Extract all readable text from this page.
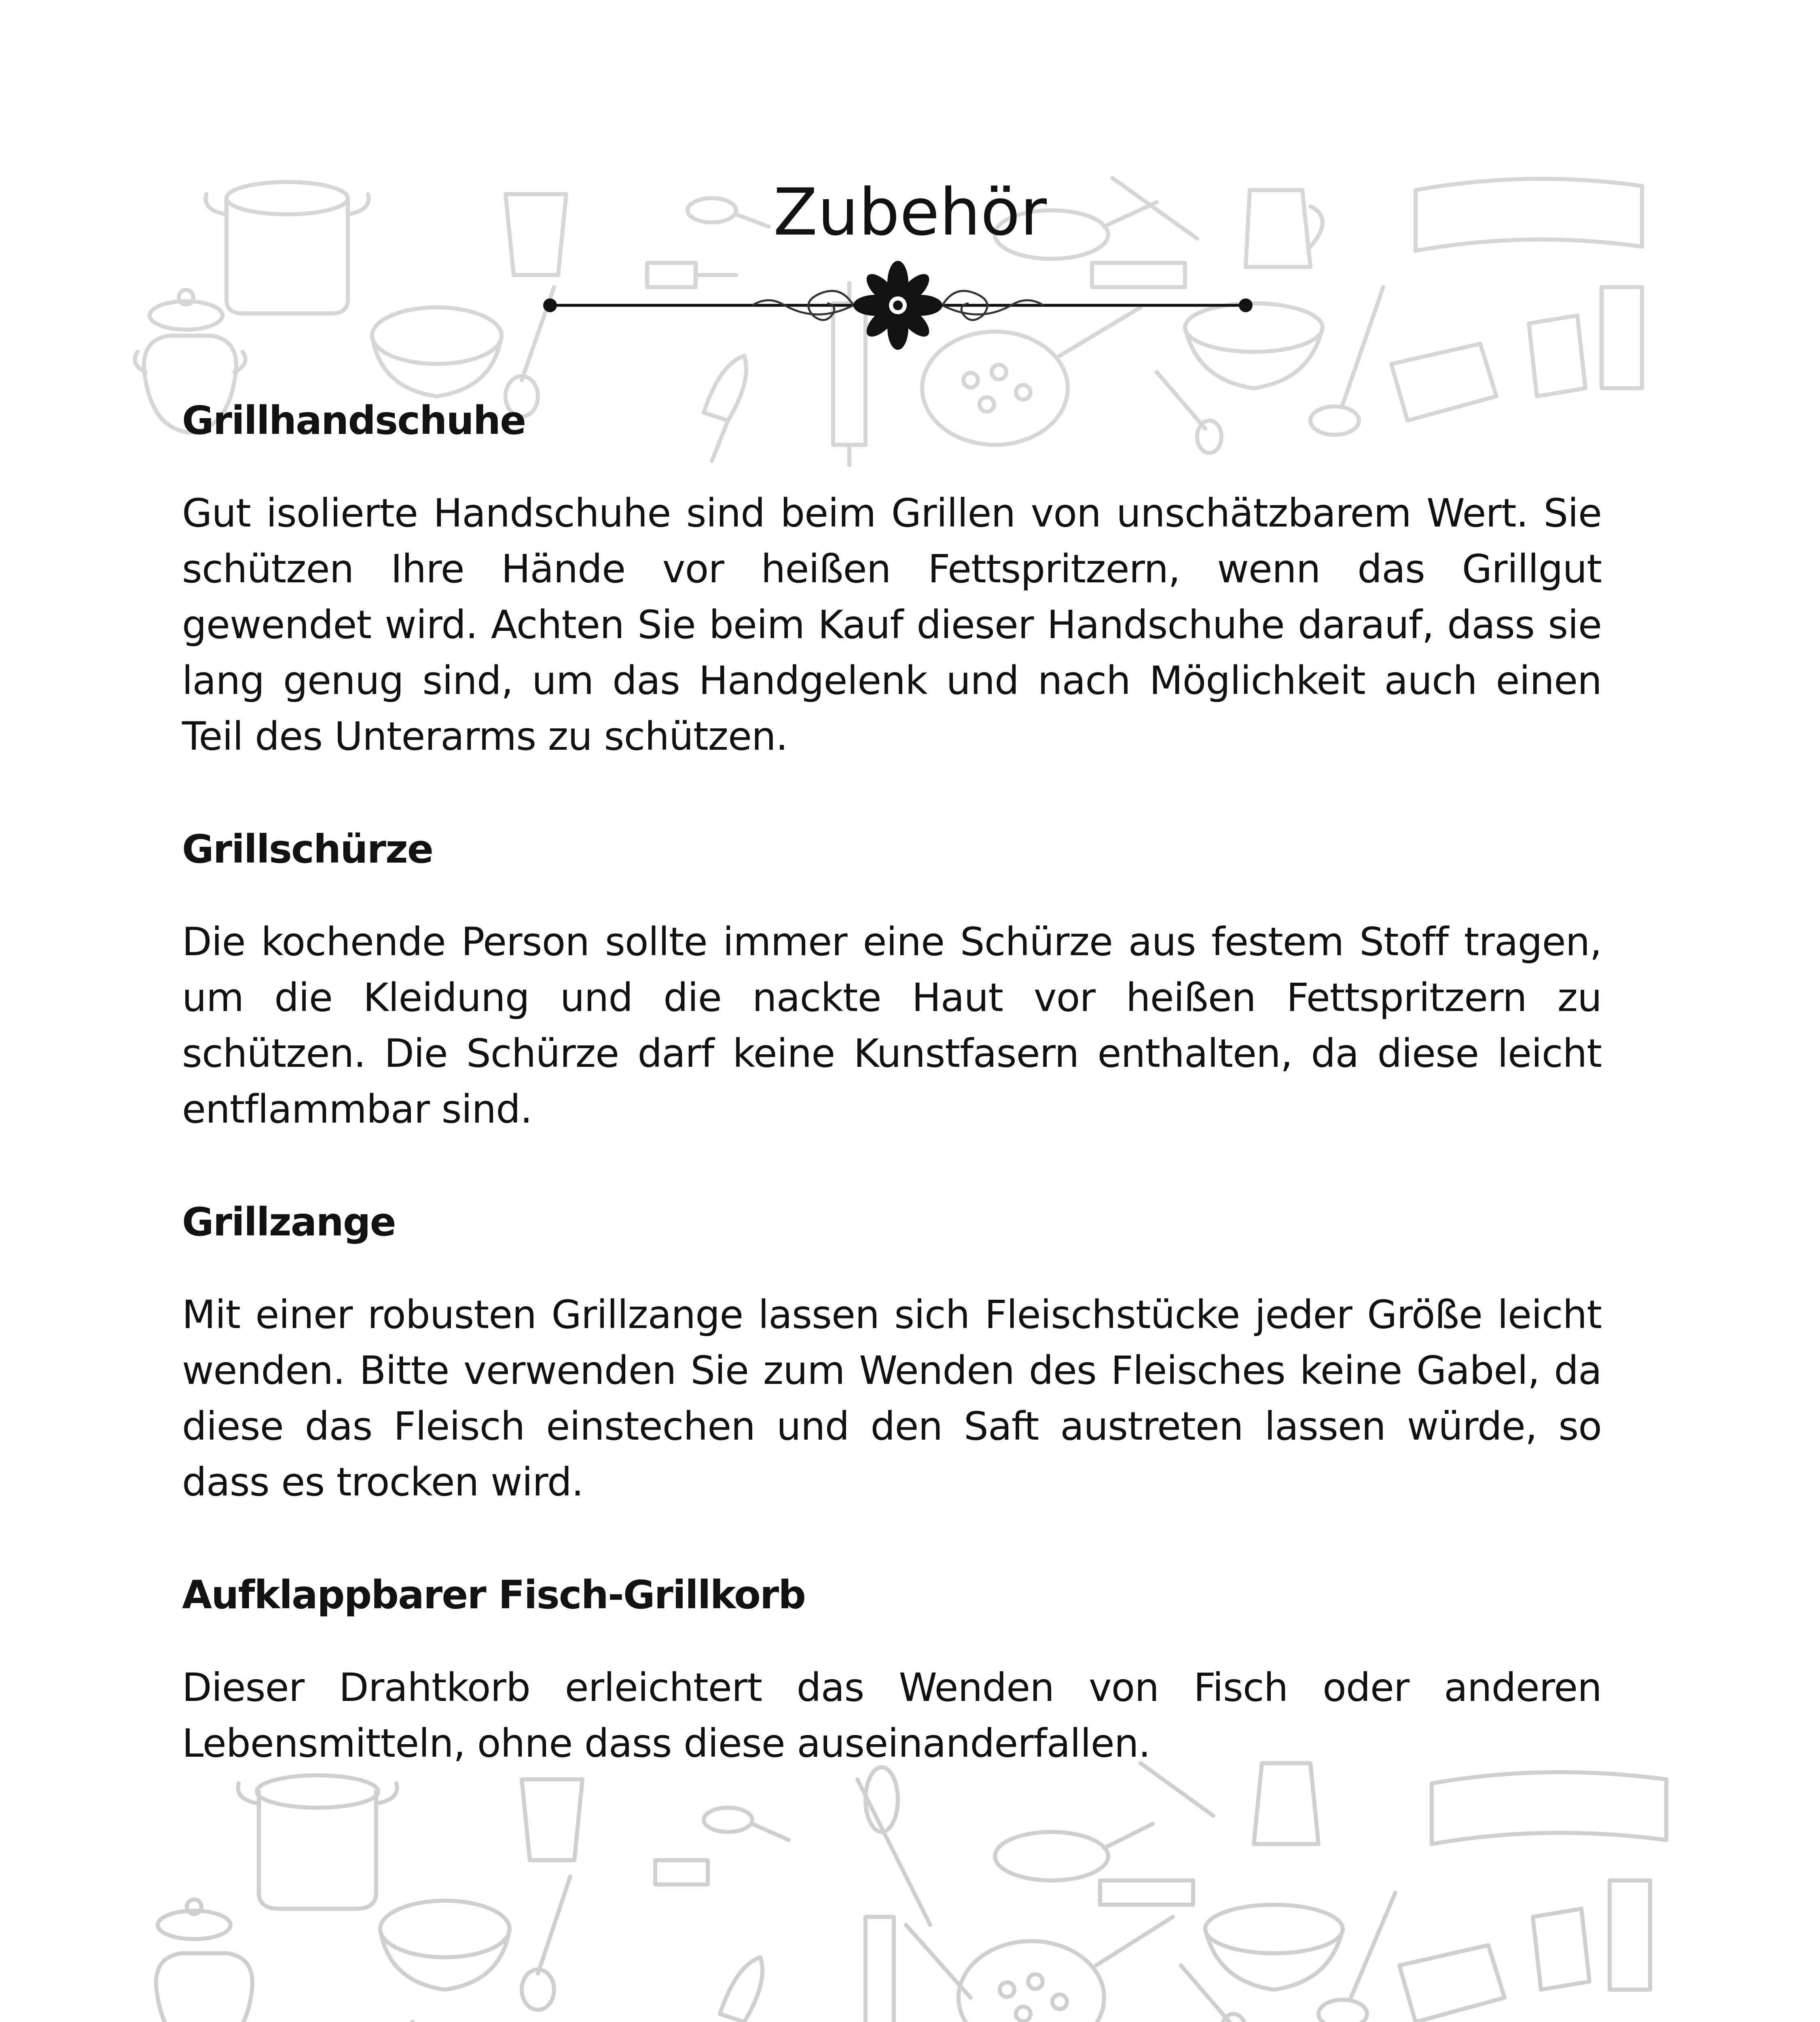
Zubehör
Grillhandschuhe

Gut isolierte Handschuhe sind beim Grillen von unschätzbarem Wert. Sie schützen Ihre Hände vor heißen Fettspritzern, wenn das Grillgut gewendet wird. Achten Sie beim Kauf dieser Handschuhe darauf, dass sie lang genug sind, um das Handgelenk und nach Möglichkeit auch einen Teil des Unterarms zu schützen.

Grillschürze

Die kochende Person sollte immer eine Schürze aus festem Stoff tragen, um die Kleidung und die nackte Haut vor heißen Fettspritzern zu schützen. Die Schürze darf keine Kunstfasern enthalten, da diese leicht entflammbar sind.

Grillzange

Mit einer robusten Grillzange lassen sich Fleischstücke jeder Größe leicht wenden. Bitte verwenden Sie zum Wenden des Fleisches keine Gabel, da diese das Fleisch einstechen und den Saft austreten lassen würde, so dass es trocken wird.

Aufklappbarer Fisch-Grillkorb

Dieser Drahtkorb erleichtert das Wenden von Fisch oder anderen Lebensmitteln, ohne dass diese auseinanderfallen.
